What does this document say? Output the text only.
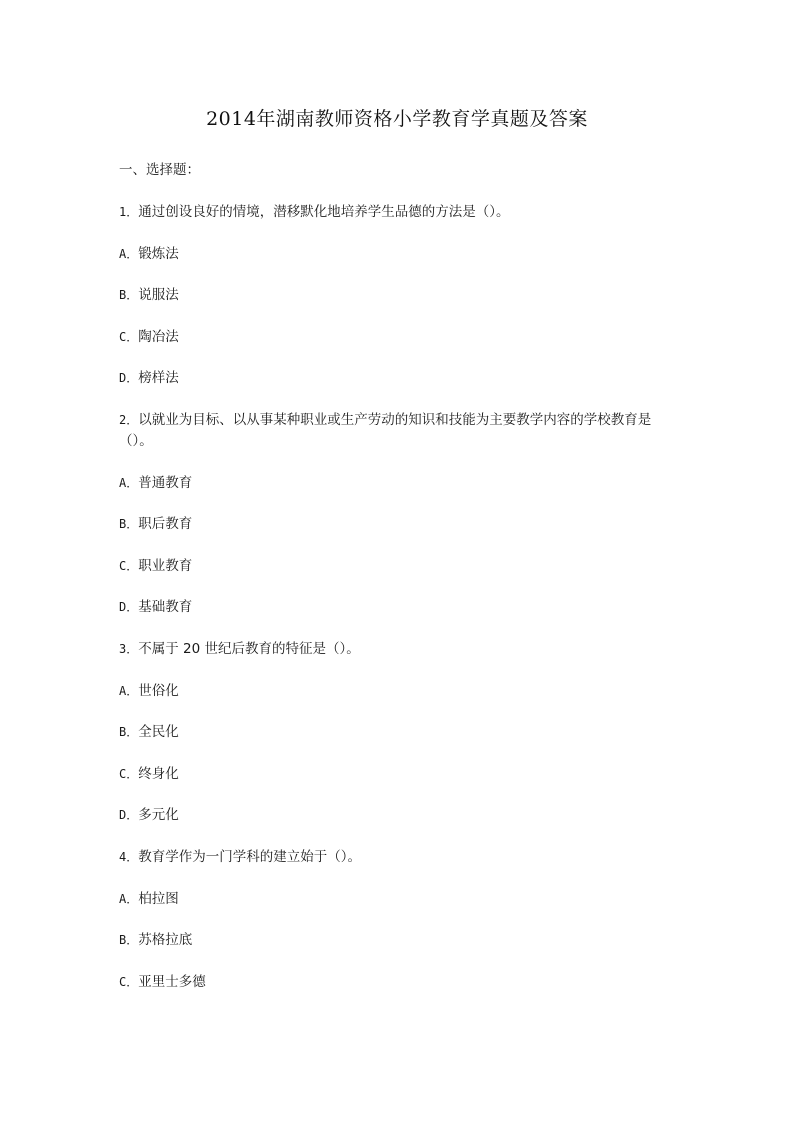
2014年湖南教师资格小学教育学真题及答案

一、选择题：

1．通过创设良好的情境，潜移默化地培养学生品德的方法是（）。

A．锻炼法

B．说服法

C．陶冶法

D．榜样法

2．以就业为目标、以从事某种职业或生产劳动的知识和技能为主要教学内容的学校教育是（）。

A．普通教育

B．职后教育

C．职业教育

D．基础教育

3．不属于 20 世纪后教育的特征是（）。

A．世俗化

B．全民化

C．终身化

D．多元化

4．教育学作为一门学科的建立始于（）。

A．柏拉图

B．苏格拉底

C．亚里士多德
